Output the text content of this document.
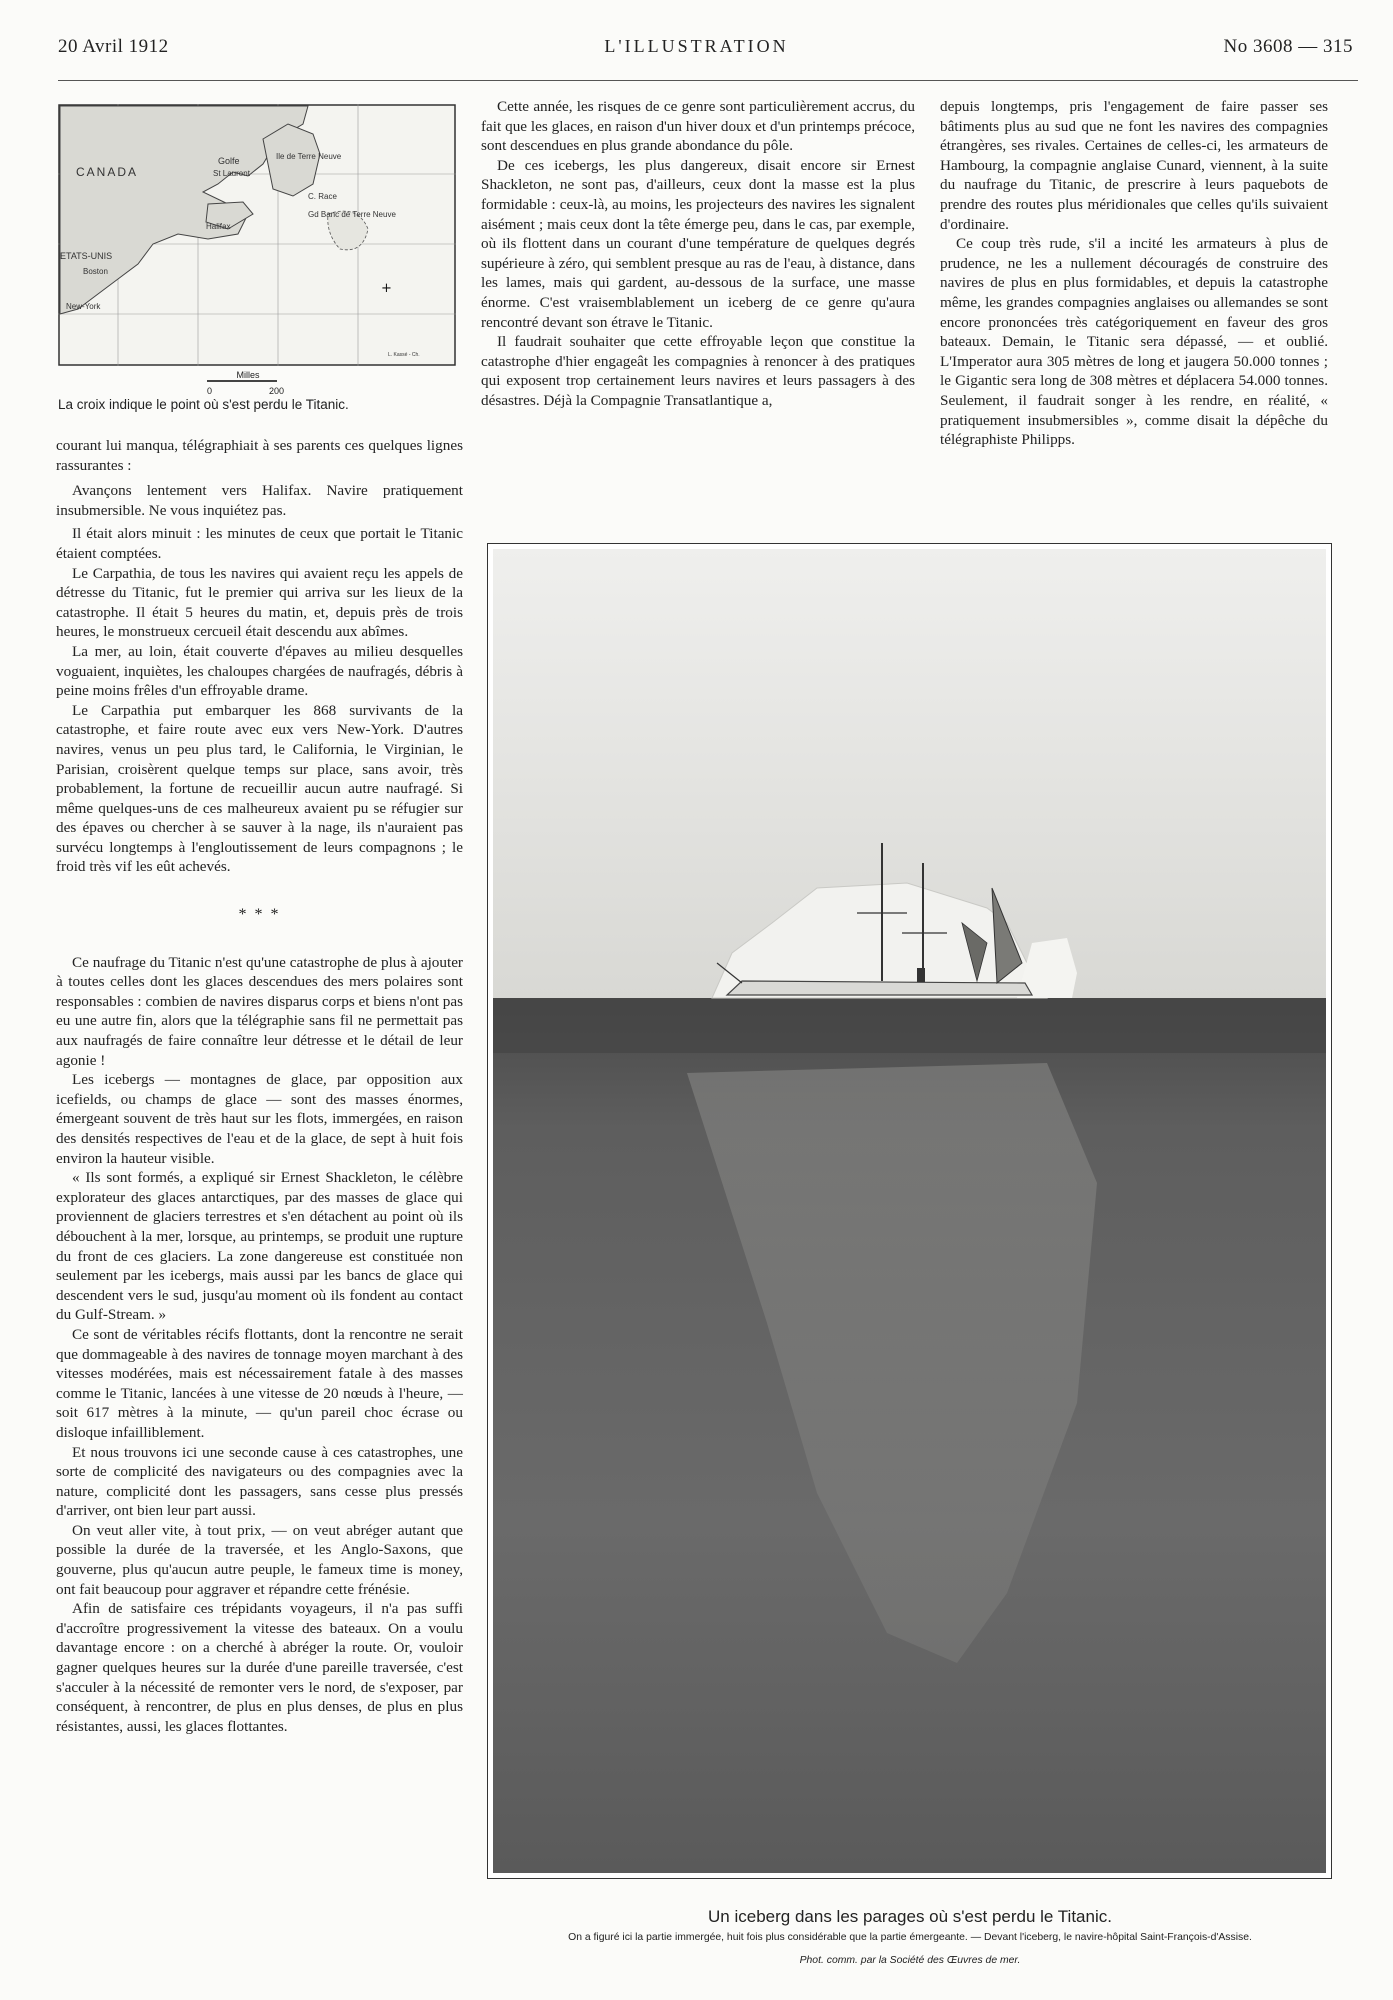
20 Avril 1912	L'ILLUSTRATION	No 3608 — 315
CANADA
Golfe
St Laurent
Ile de Terre Neuve
C. Race
Gd Banc de Terre Neuve
Halifax
ETATS-UNIS
Boston
New-York
L. Kassé - Ch.
+
Milles
0	200
La croix indique le point où s'est perdu le Titanic.

courant lui manqua, télégraphiait à ses parents ces quelques lignes rassurantes :

Avançons lentement vers Halifax. Navire pratiquement insubmersible. Ne vous inquiétez pas.

Il était alors minuit : les minutes de ceux que portait le Titanic étaient comptées.

Le Carpathia, de tous les navires qui avaient reçu les appels de détresse du Titanic, fut le premier qui arriva sur les lieux de la catastrophe. Il était 5 heures du matin, et, depuis près de trois heures, le monstrueux cercueil était descendu aux abîmes.

La mer, au loin, était couverte d'épaves au milieu desquelles voguaient, inquiètes, les chaloupes chargées de naufragés, débris à peine moins frêles d'un effroyable drame.

Le Carpathia put embarquer les 868 survivants de la catastrophe, et faire route avec eux vers New-York. D'autres navires, venus un peu plus tard, le California, le Virginian, le Parisian, croisèrent quelque temps sur place, sans avoir, très probablement, la fortune de recueillir aucun autre naufragé. Si même quelques-uns de ces malheureux avaient pu se réfugier sur des épaves ou chercher à se sauver à la nage, ils n'auraient pas survécu longtemps à l'engloutissement de leurs compagnons ; le froid très vif les eût achevés.

* * *

Ce naufrage du Titanic n'est qu'une catastrophe de plus à ajouter à toutes celles dont les glaces descendues des mers polaires sont responsables : combien de navires disparus corps et biens n'ont pas eu une autre fin, alors que la télégraphie sans fil ne permettait pas aux naufragés de faire connaître leur détresse et le détail de leur agonie !

Les icebergs — montagnes de glace, par opposition aux icefields, ou champs de glace — sont des masses énormes, émergeant souvent de très haut sur les flots, immergées, en raison des densités respectives de l'eau et de la glace, de sept à huit fois environ la hauteur visible.

« Ils sont formés, a expliqué sir Ernest Shackleton, le célèbre explorateur des glaces antarctiques, par des masses de glace qui proviennent de glaciers terrestres et s'en détachent au point où ils débouchent à la mer, lorsque, au printemps, se produit une rupture du front de ces glaciers. La zone dangereuse est constituée non seulement par les icebergs, mais aussi par les bancs de glace qui descendent vers le sud, jusqu'au moment où ils fondent au contact du Gulf-Stream. »

Ce sont de véritables récifs flottants, dont la rencontre ne serait que dommageable à des navires de tonnage moyen marchant à des vitesses modérées, mais est nécessairement fatale à des masses comme le Titanic, lancées à une vitesse de 20 nœuds à l'heure, — soit 617 mètres à la minute, — qu'un pareil choc écrase ou disloque infailliblement.

Et nous trouvons ici une seconde cause à ces catastrophes, une sorte de complicité des navigateurs ou des compagnies avec la nature, complicité dont les passagers, sans cesse plus pressés d'arriver, ont bien leur part aussi.

On veut aller vite, à tout prix, — on veut abréger autant que possible la durée de la traversée, et les Anglo-Saxons, que gouverne, plus qu'aucun autre peuple, le fameux time is money, ont fait beaucoup pour aggraver et répandre cette frénésie.

Afin de satisfaire ces trépidants voyageurs, il n'a pas suffi d'accroître progressivement la vitesse des bateaux. On a voulu davantage encore : on a cherché à abréger la route. Or, vouloir gagner quelques heures sur la durée d'une pareille traversée, c'est s'acculer à la nécessité de remonter vers le nord, de s'exposer, par conséquent, à rencontrer, de plus en plus denses, de plus en plus résistantes, aussi, les glaces flottantes.

Cette année, les risques de ce genre sont particulièrement accrus, du fait que les glaces, en raison d'un hiver doux et d'un printemps précoce, sont descendues en plus grande abondance du pôle.

De ces icebergs, les plus dangereux, disait encore sir Ernest Shackleton, ne sont pas, d'ailleurs, ceux dont la masse est la plus formidable : ceux-là, au moins, les projecteurs des navires les signalent aisément ; mais ceux dont la tête émerge peu, dans le cas, par exemple, où ils flottent dans un courant d'une température de quelques degrés supérieure à zéro, qui semblent presque au ras de l'eau, à distance, dans les lames, mais qui gardent, au-dessous de la surface, une masse énorme. C'est vraisemblablement un iceberg de ce genre qu'aura rencontré devant son étrave le Titanic.

Il faudrait souhaiter que cette effroyable leçon que constitue la catastrophe d'hier engageât les compagnies à renoncer à des pratiques qui exposent trop certainement leurs navires et leurs passagers à des désastres. Déjà la Compagnie Transatlantique a,

depuis longtemps, pris l'engagement de faire passer ses bâtiments plus au sud que ne font les navires des compagnies étrangères, ses rivales. Certaines de celles-ci, les armateurs de Hambourg, la compagnie anglaise Cunard, viennent, à la suite du naufrage du Titanic, de prescrire à leurs paquebots de prendre des routes plus méridionales que celles qu'ils suivaient d'ordinaire.

Ce coup très rude, s'il a incité les armateurs à plus de prudence, ne les a nullement découragés de construire des navires de plus en plus formidables, et depuis la catastrophe même, les grandes compagnies anglaises ou allemandes se sont encore prononcées très catégoriquement en faveur des gros bateaux. Demain, le Titanic sera dépassé, — et oublié. L'Imperator aura 305 mètres de long et jaugera 50.000 tonnes ; le Gigantic sera long de 308 mètres et déplacera 54.000 tonnes. Seulement, il faudrait songer à les rendre, en réalité, « pratiquement insubmersibles », comme disait la dépêche du télégraphiste Philipps.

Un iceberg dans les parages où s'est perdu le Titanic.
On a figuré ici la partie immergée, huit fois plus considérable que la partie émergeante. — Devant l'iceberg, le navire-hôpital Saint-François-d'Assise.
Phot. comm. par la Société des Œuvres de mer.
